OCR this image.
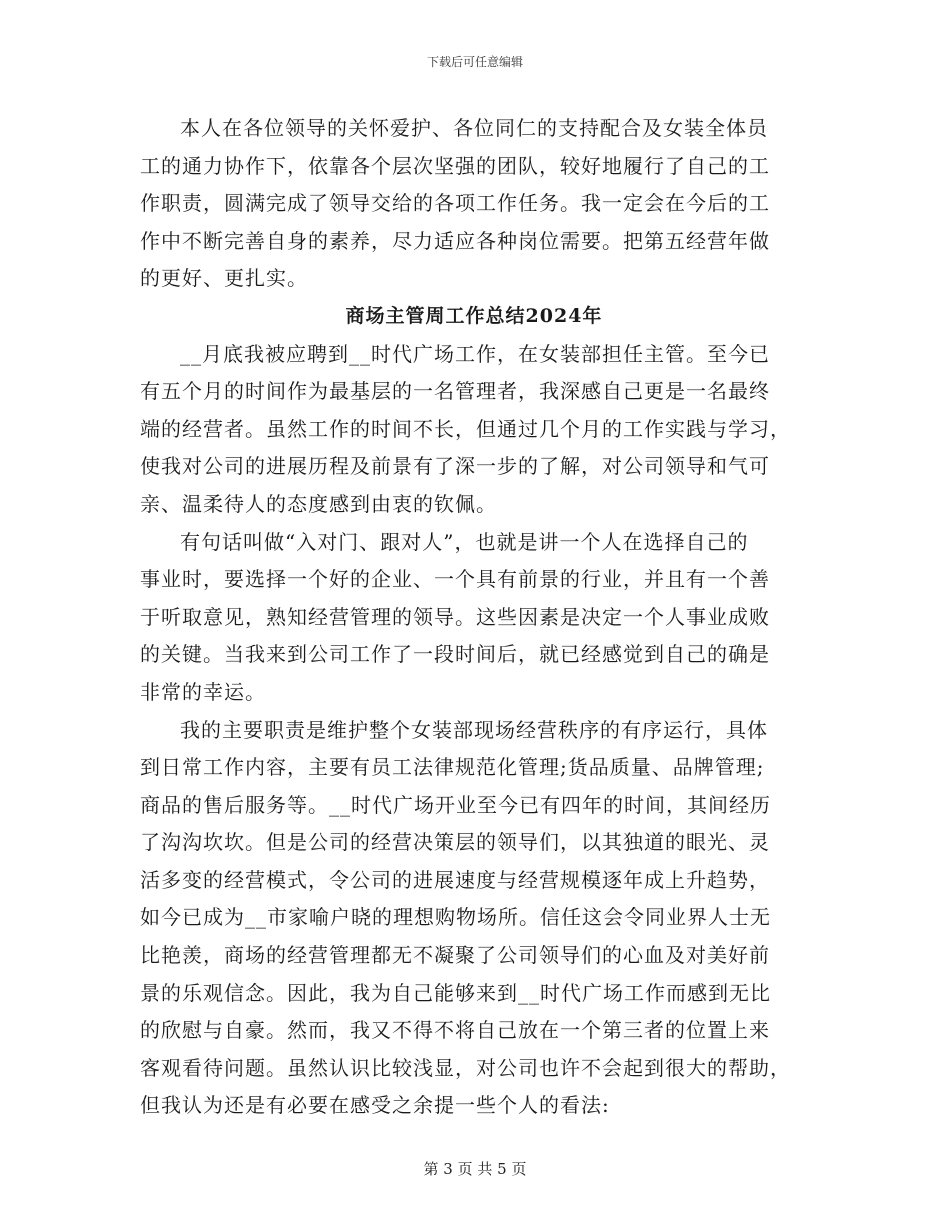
下载后可任意编辑
本人在各位领导的关怀爱护、各位同仁的支持配合及女装全体员
工的通力协作下，依靠各个层次坚强的团队，较好地履行了自己的工
作职责，圆满完成了领导交给的各项工作任务。我一定会在今后的工
作中不断完善自身的素养，尽力适应各种岗位需要。把第五经营年做
的更好、更扎实。
商场主管周工作总结2024年
__月底我被应聘到__时代广场工作，在女装部担任主管。至今已
有五个月的时间作为最基层的一名管理者，我深感自己更是一名最终
端的经营者。虽然工作的时间不长，但通过几个月的工作实践与学习，
使我对公司的进展历程及前景有了深一步的了解，对公司领导和气可
亲、温柔待人的态度感到由衷的钦佩。
有句话叫做“入对门、跟对人”，也就是讲一个人在选择自己的
事业时，要选择一个好的企业、一个具有前景的行业，并且有一个善
于听取意见，熟知经营管理的领导。这些因素是决定一个人事业成败
的关键。当我来到公司工作了一段时间后，就已经感觉到自己的确是
非常的幸运。
我的主要职责是维护整个女装部现场经营秩序的有序运行，具体
到日常工作内容，主要有员工法律规范化管理;货品质量、品牌管理;
商品的售后服务等。__时代广场开业至今已有四年的时间，其间经历
了沟沟坎坎。但是公司的经营决策层的领导们，以其独道的眼光、灵
活多变的经营模式，令公司的进展速度与经营规模逐年成上升趋势，
如今已成为__市家喻户晓的理想购物场所。信任这会令同业界人士无
比艳羡，商场的经营管理都无不凝聚了公司领导们的心血及对美好前
景的乐观信念。因此，我为自己能够来到__时代广场工作而感到无比
的欣慰与自豪。然而，我又不得不将自己放在一个第三者的位置上来
客观看待问题。虽然认识比较浅显，对公司也许不会起到很大的帮助，
但我认为还是有必要在感受之余提一些个人的看法:
第 3 页 共 5 页
